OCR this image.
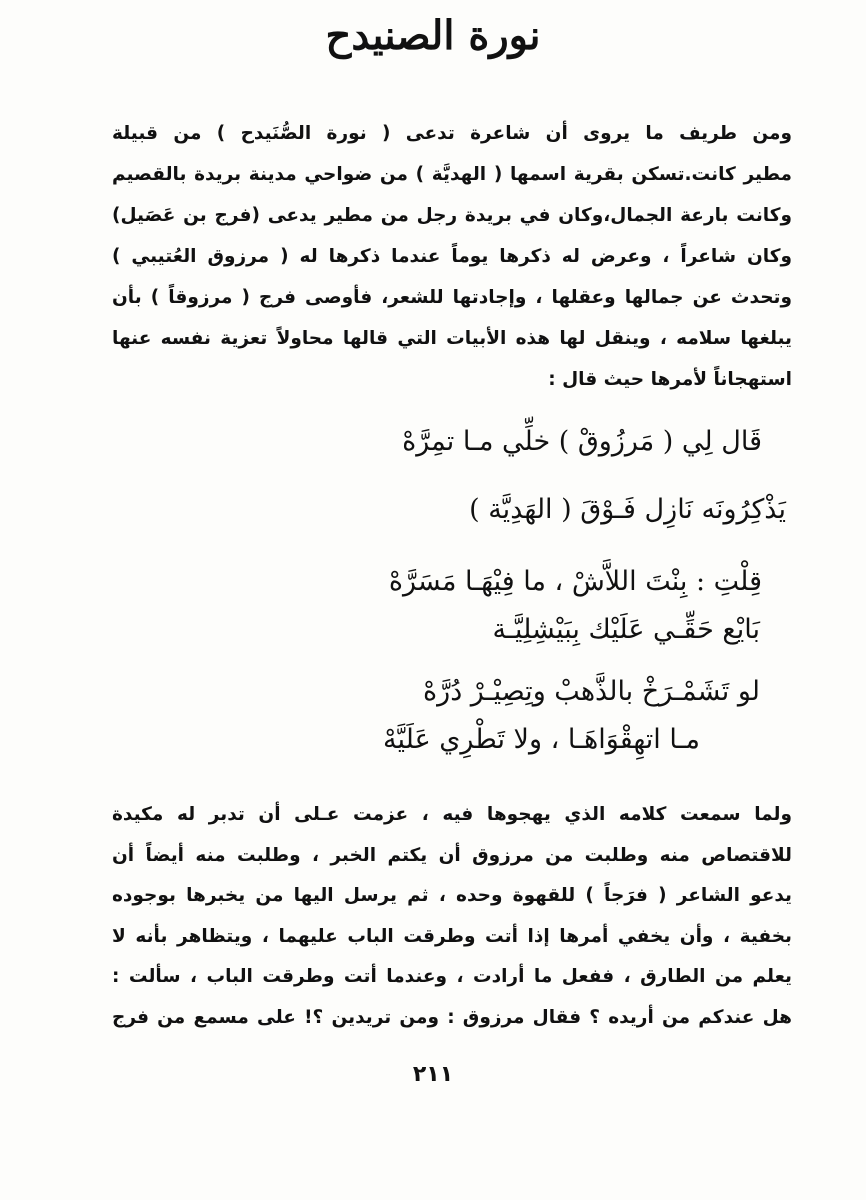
نورة الصنيدح
ومن طريف ما يروى أن شاعرة تدعى ( نورة الصُّنَيدح ) من قبيلة
مطير كانت.تسكن بقرية اسمها ( الهديَّة ) من ضواحي مدينة بريدة بالقصيم
وكانت بارعة الجمال،وكان في بريدة رجل من مطير يدعى (فرج بن عَصَيل)
وكان شاعراً ، وعرض له ذكرها يوماً عندما ذكرها له ( مرزوق العُتيبي )
وتحدث عن جمالها وعقلها ، وإجادتها للشعر، فأوصى فرج ( مرزوقاً ) بأن
يبلغها سلامه ، وينقل لها هذه الأبيات التي قالها محاولاً تعزية نفسه عنها
استهجاناً لأمرها حيث قال :
قَال لِي ( مَرزُوقْ ) خلِّي مـا تمِرَّهْ
يَذْكِرُونَه نَازِل فَـوْقَ ( الهَدِيَّة )
قِلْتِ : بِنْتَ اللاَّشْ ، ما فِيْهَـا مَسَرَّهْ
بَايْع حَقِّـي عَلَيْك بِبَيْشِلِيَّـة
لو تَشَمْـرَخْ بالذَّهبْ وتِصِيْـرْ دُرَّهْ
مـا اتهِقْوَاهَـا ، ولا تَطْرِي عَلَيَّهْ
ولما سمعت كلامه الذي يهجوها فيه ، عزمت عـلى أن تدبر له مكيدة
للاقتصاص منه وطلبت من مرزوق أن يكتم الخبر ، وطلبت منه أيضاً أن
يدعو الشاعر ( فرَجاً ) للقهوة وحده ، ثم يرسل اليها من يخبرها بوجوده
بخفية ، وأن يخفي أمرها إذا أتت وطرقت الباب عليهما ، ويتظاهر بأنه لا
يعلم من الطارق ، ففعل ما أرادت ، وعندما أتت وطرقت الباب ، سألت :
هل عندكم من أريده ؟ فقال مرزوق : ومن تريدين ؟! على مسمع من فرج
٢١١
